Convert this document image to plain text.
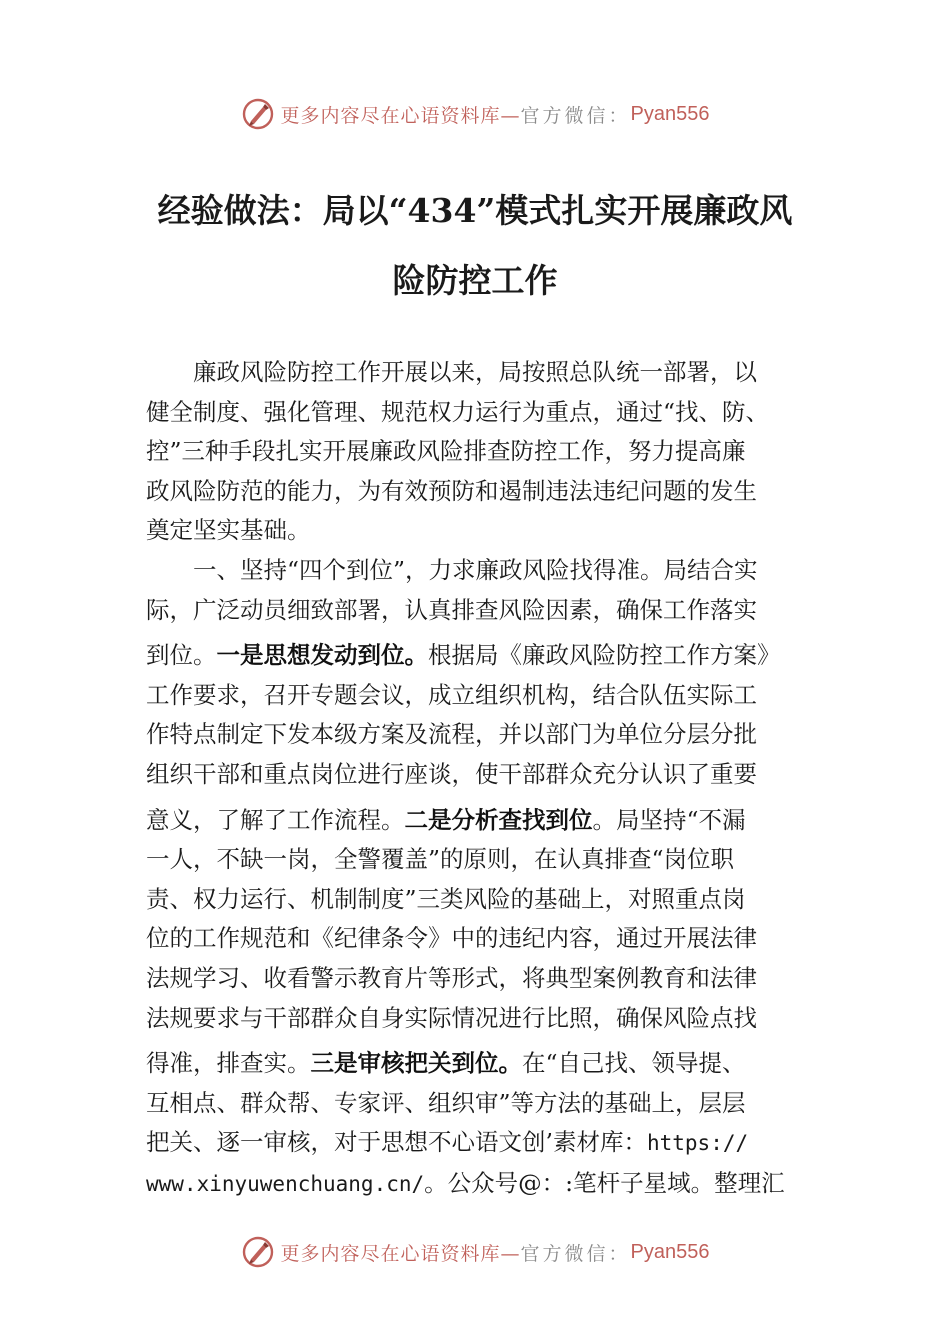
更多内容尽在心语资料库— 官方微信： Pyan556
经验做法：局以“434”模式扎实开展廉政风
险防控工作

廉政风险防控工作开展以来，局按照总队统一部署，以

健全制度、强化管理、规范权力运行为重点，通过“找、防、

控”三种手段扎实开展廉政风险排查防控工作，努力提高廉

政风险防范的能力，为有效预防和遏制违法违纪问题的发生

奠定坚实基础。

一、坚持“四个到位”，力求廉政风险找得准。局结合实

际，广泛动员细致部署，认真排查风险因素，确保工作落实

到位。一是思想发动到位。根据局《廉政风险防控工作方案》

工作要求，召开专题会议，成立组织机构，结合队伍实际工

作特点制定下发本级方案及流程，并以部门为单位分层分批

组织干部和重点岗位进行座谈，使干部群众充分认识了重要

意义，了解了工作流程。二是分析查找到位。局坚持“不漏

一人，不缺一岗，全警覆盖”的原则，在认真排查“岗位职

责、权力运行、机制制度”三类风险的基础上，对照重点岗

位的工作规范和《纪律条令》中的违纪内容，通过开展法律

法规学习、收看警示教育片等形式，将典型案例教育和法律

法规要求与干部群众自身实际情况进行比照，确保风险点找

得准，排查实。三是审核把关到位。在“自己找、领导提、

互相点、群众帮、专家评、组织审”等方法的基础上，层层

把关、逐一审核，对于思想不心语文创’素材库：https://

www.xinyuwenchuang.cn/。公众号@：:笔杆子星域。整理汇

更多内容尽在心语资料库— 官方微信： Pyan556
